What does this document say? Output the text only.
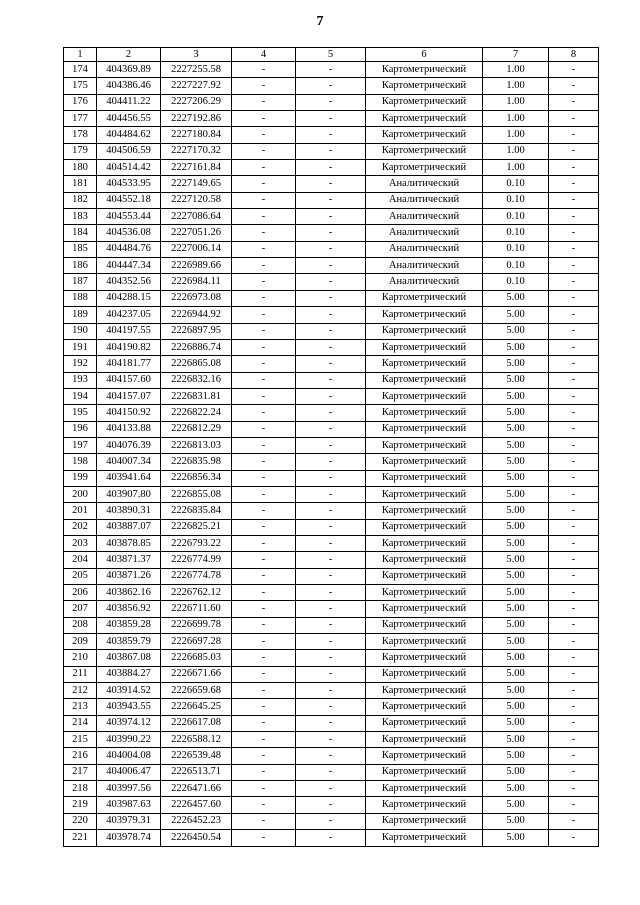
7
1	2	3	4	5	6	7	8
174	404369.89	2227255.58	-	-	Картометрический	1.00	-
175	404386.46	2227227.92	-	-	Картометрический	1.00	-
176	404411.22	2227206.29	-	-	Картометрический	1.00	-
177	404456.55	2227192.86	-	-	Картометрический	1.00	-
178	404484.62	2227180.84	-	-	Картометрический	1.00	-
179	404506.59	2227170.32	-	-	Картометрический	1.00	-
180	404514.42	2227161.84	-	-	Картометрический	1.00	-
181	404533.95	2227149.65	-	-	Аналитический	0.10	-
182	404552.18	2227120.58	-	-	Аналитический	0.10	-
183	404553.44	2227086.64	-	-	Аналитический	0.10	-
184	404536.08	2227051.26	-	-	Аналитический	0.10	-
185	404484.76	2227006.14	-	-	Аналитический	0.10	-
186	404447.34	2226989.66	-	-	Аналитический	0.10	-
187	404352.56	2226984.11	-	-	Аналитический	0.10	-
188	404288.15	2226973.08	-	-	Картометрический	5.00	-
189	404237.05	2226944.92	-	-	Картометрический	5.00	-
190	404197.55	2226897.95	-	-	Картометрический	5.00	-
191	404190.82	2226886.74	-	-	Картометрический	5.00	-
192	404181.77	2226865.08	-	-	Картометрический	5.00	-
193	404157.60	2226832.16	-	-	Картометрический	5.00	-
194	404157.07	2226831.81	-	-	Картометрический	5.00	-
195	404150.92	2226822.24	-	-	Картометрический	5.00	-
196	404133.88	2226812.29	-	-	Картометрический	5.00	-
197	404076.39	2226813.03	-	-	Картометрический	5.00	-
198	404007.34	2226835.98	-	-	Картометрический	5.00	-
199	403941.64	2226856.34	-	-	Картометрический	5.00	-
200	403907.80	2226855.08	-	-	Картометрический	5.00	-
201	403890.31	2226835.84	-	-	Картометрический	5.00	-
202	403887.07	2226825.21	-	-	Картометрический	5.00	-
203	403878.85	2226793.22	-	-	Картометрический	5.00	-
204	403871.37	2226774.99	-	-	Картометрический	5.00	-
205	403871.26	2226774.78	-	-	Картометрический	5.00	-
206	403862.16	2226762.12	-	-	Картометрический	5.00	-
207	403856.92	2226711.60	-	-	Картометрический	5.00	-
208	403859.28	2226699.78	-	-	Картометрический	5.00	-
209	403859.79	2226697.28	-	-	Картометрический	5.00	-
210	403867.08	2226685.03	-	-	Картометрический	5.00	-
211	403884.27	2226671.66	-	-	Картометрический	5.00	-
212	403914.52	2226659.68	-	-	Картометрический	5.00	-
213	403943.55	2226645.25	-	-	Картометрический	5.00	-
214	403974.12	2226617.08	-	-	Картометрический	5.00	-
215	403990.22	2226588.12	-	-	Картометрический	5.00	-
216	404004.08	2226539.48	-	-	Картометрический	5.00	-
217	404006.47	2226513.71	-	-	Картометрический	5.00	-
218	403997.56	2226471.66	-	-	Картометрический	5.00	-
219	403987.63	2226457.60	-	-	Картометрический	5.00	-
220	403979.31	2226452.23	-	-	Картометрический	5.00	-
221	403978.74	2226450.54	-	-	Картометрический	5.00	-
